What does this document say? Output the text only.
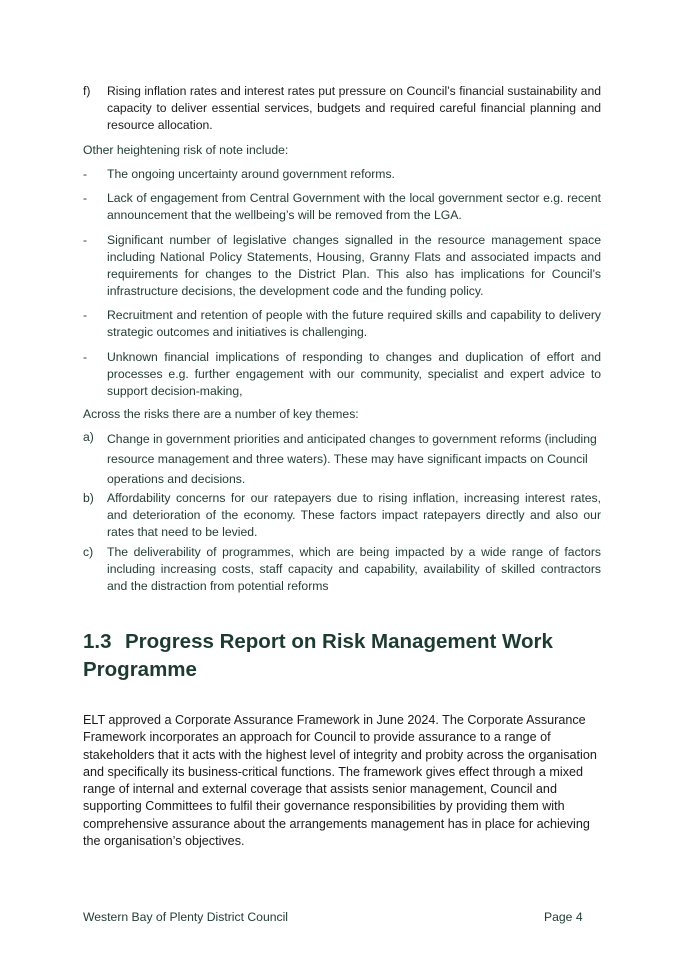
f)	Rising inflation rates and interest rates put pressure on Council’s financial sustainability and capacity to deliver essential services, budgets and required careful financial planning and resource allocation.
Other heightening risk of note include:
-	The ongoing uncertainty around government reforms.
-	Lack of engagement from Central Government with the local government sector e.g. recent announcement that the wellbeing’s will be removed from the LGA.
-	Significant number of legislative changes signalled in the resource management space including National Policy Statements, Housing, Granny Flats and associated impacts and requirements for changes to the District Plan. This also has implications for Council’s infrastructure decisions, the development code and the funding policy.
-	Recruitment and retention of people with the future required skills and capability to delivery strategic outcomes and initiatives is challenging.
-	Unknown financial implications of responding to changes and duplication of effort and processes e.g. further engagement with our community, specialist and expert advice to support decision-making,
Across the risks there are a number of key themes:
a)	Change in government priorities and anticipated changes to government reforms (including resource management and three waters). These may have significant impacts on Council operations and decisions.
b)	Affordability concerns for our ratepayers due to rising inflation, increasing interest rates, and deterioration of the economy. These factors impact ratepayers directly and also our rates that need to be levied.
c)	The deliverability of programmes, which are being impacted by a wide range of factors including increasing costs, staff capacity and capability, availability of skilled contractors and the distraction from potential reforms
1.3 Progress Report on Risk Management Work Programme
ELT approved a Corporate Assurance Framework in June 2024. The Corporate Assurance Framework incorporates an approach for Council to provide assurance to a range of stakeholders that it acts with the highest level of integrity and probity across the organisation and specifically its business-critical functions. The framework gives effect through a mixed range of internal and external coverage that assists senior management, Council and supporting Committees to fulfil their governance responsibilities by providing them with comprehensive assurance about the arrangements management has in place for achieving the organisation’s objectives.
Western Bay of Plenty District Council	Page 4
